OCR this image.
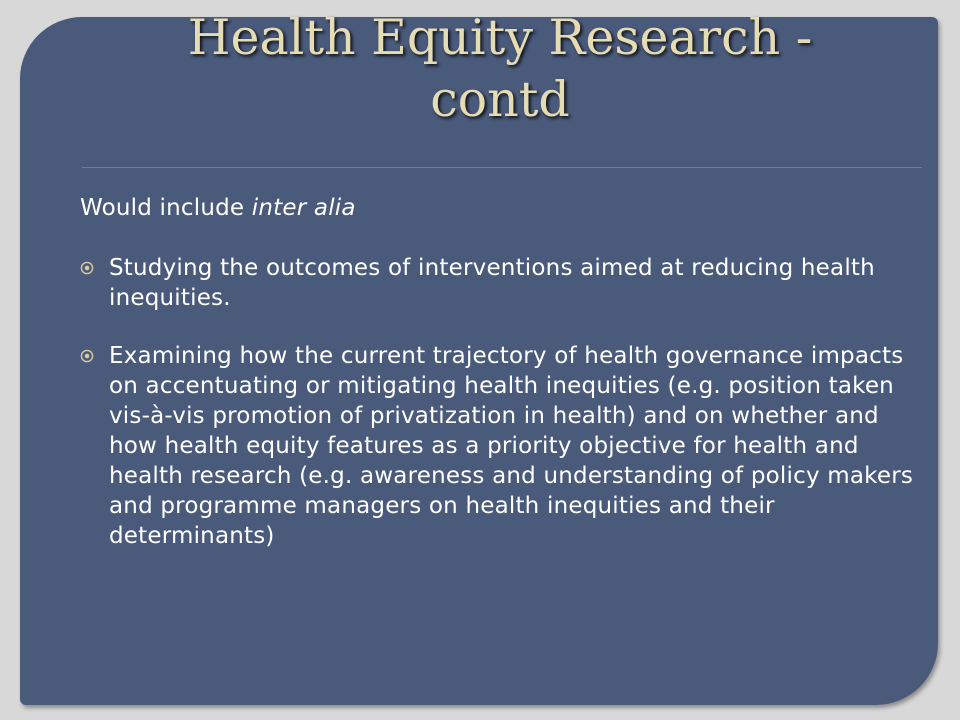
Health Equity Research -
contd

Would include inter alia

Studying the outcomes of interventions aimed at reducing health inequities.
Examining how the current trajectory of health governance impacts on accentuating or mitigating health inequities (e.g. position taken vis-à-vis promotion of privatization in health) and on whether and how health equity features as a priority objective for health and health research (e.g. awareness and understanding of policy makers and programme managers on health inequities and their determinants)
